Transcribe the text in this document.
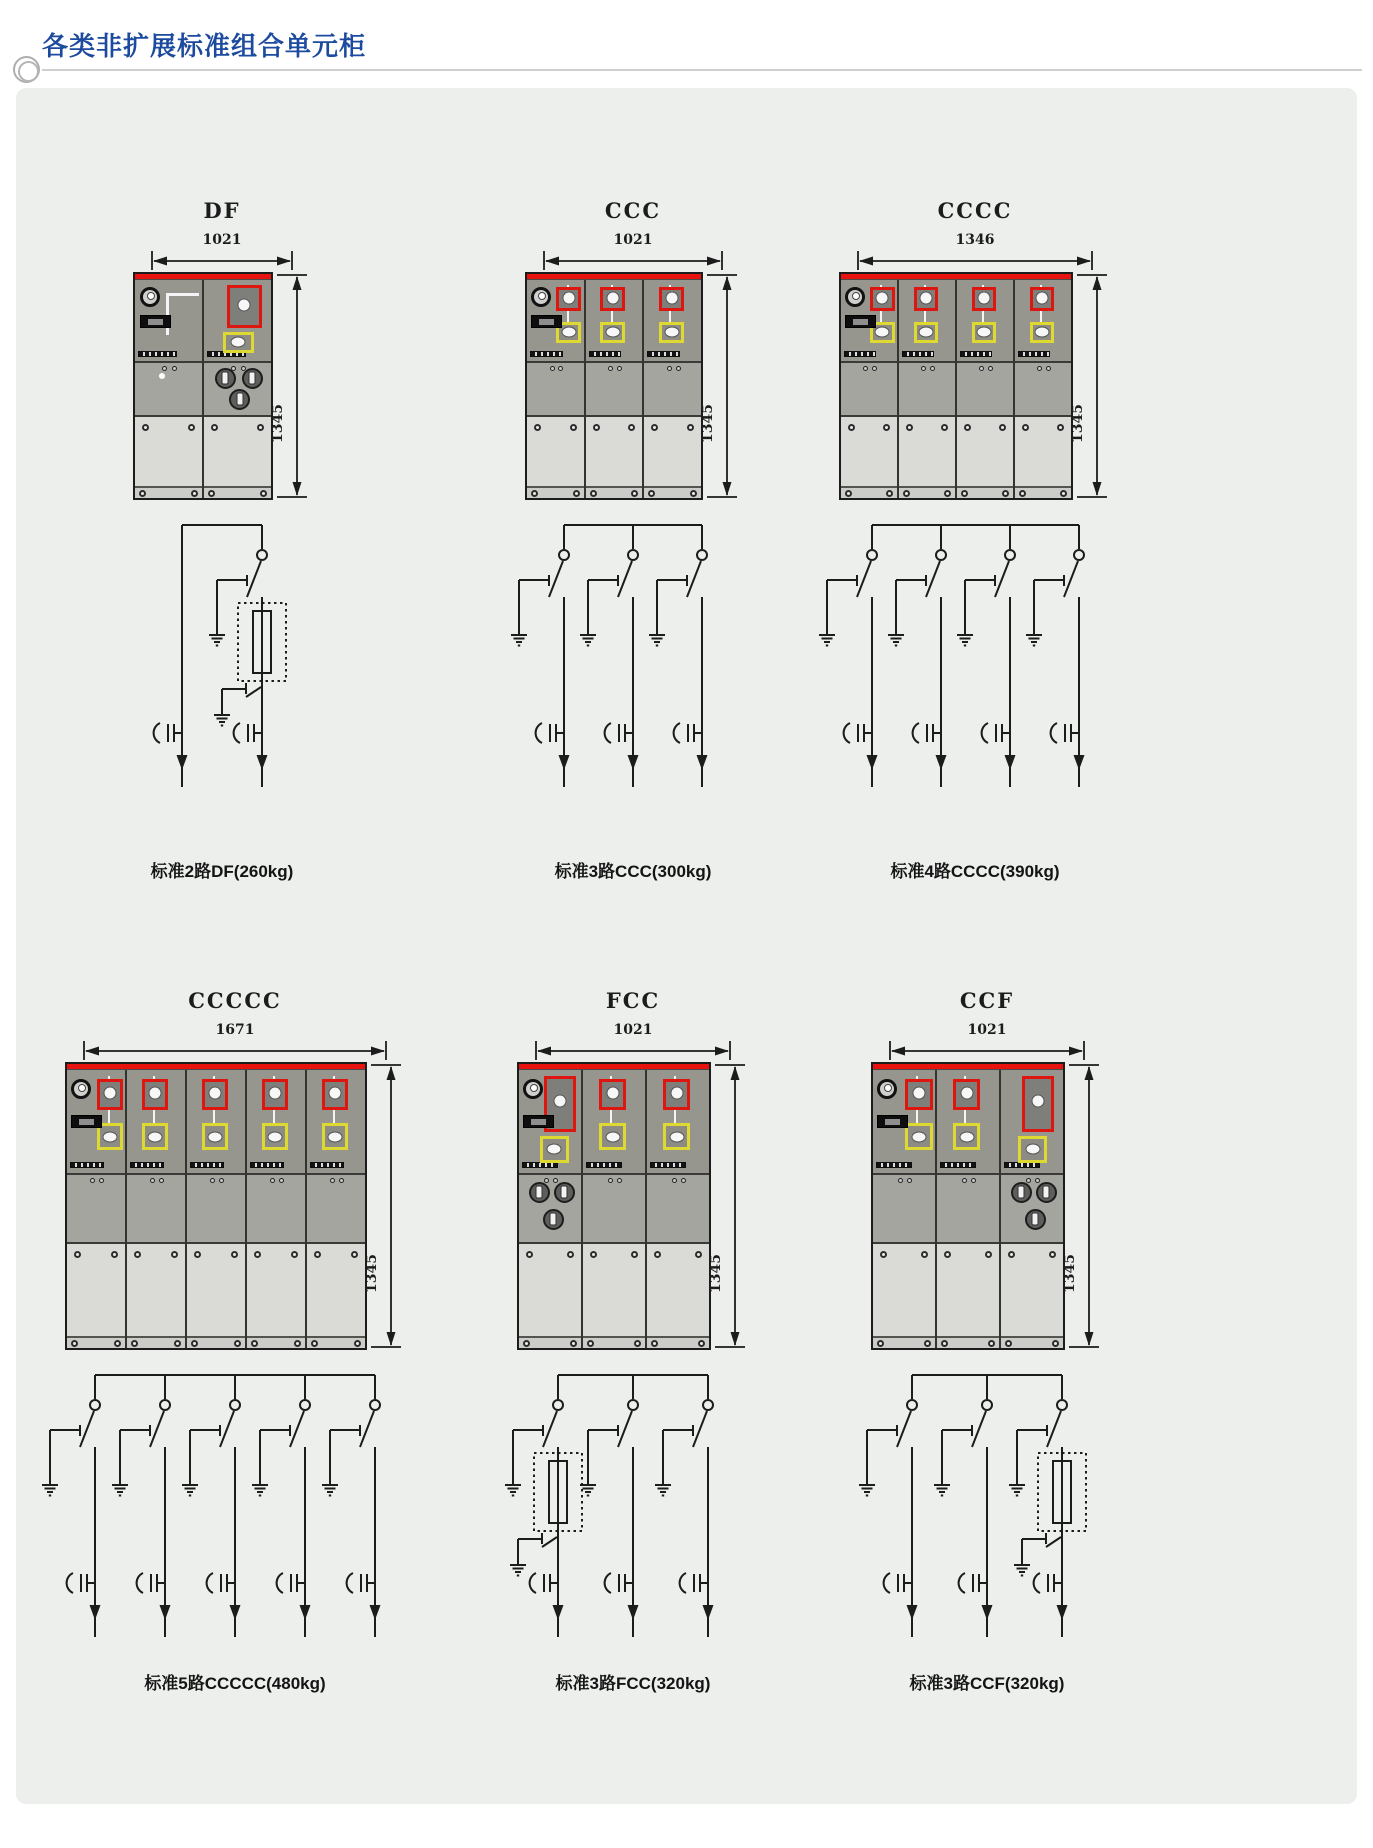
各类非扩展标准组合单元柜
DF
1021
1345

标准2路DF(260kg)

CCC
1021
1345

标准3路CCC(300kg)

CCCC
1346
1345

标准4路CCCC(390kg)

CCCCC
1671
1345

标准5路CCCCC(480kg)

FCC
1021
1345

标准3路FCC(320kg)

CCF
1021
1345

标准3路CCF(320kg)
